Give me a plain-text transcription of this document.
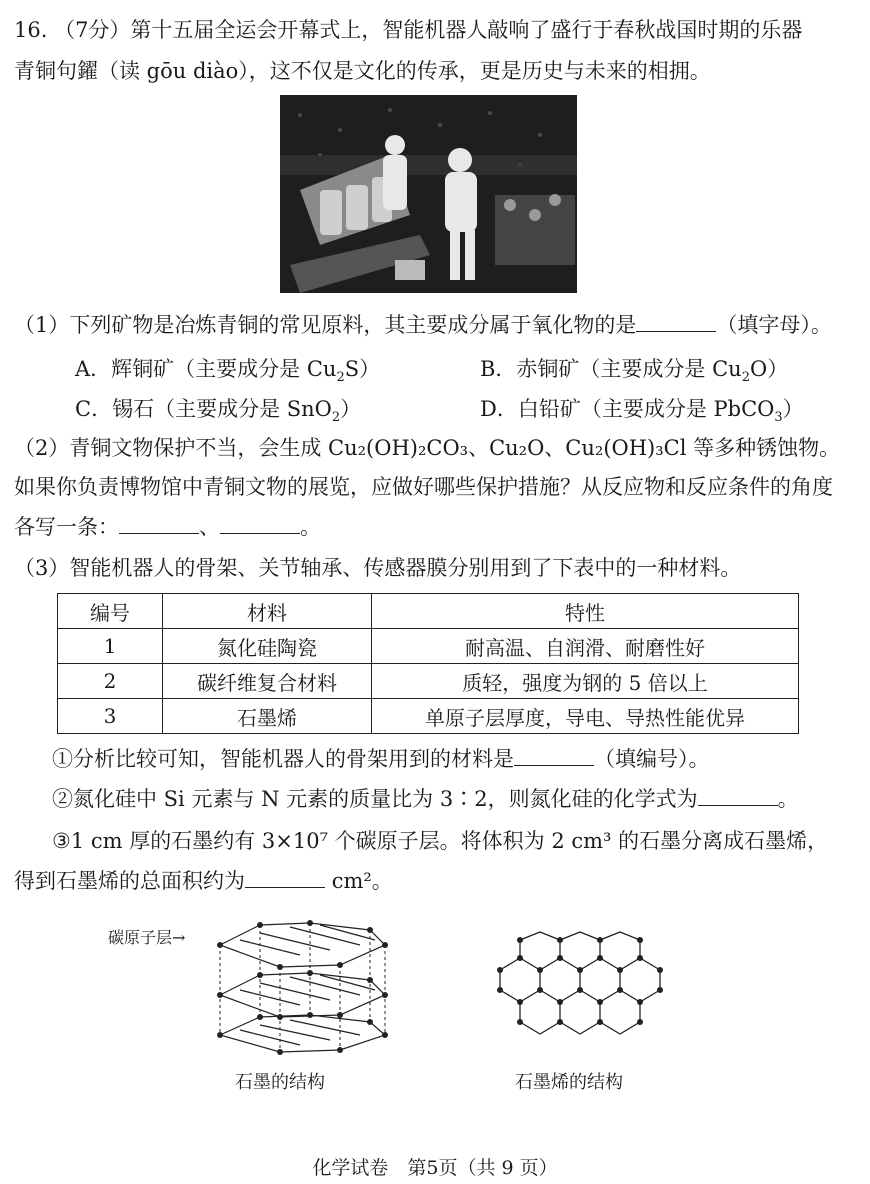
16. （7分）第十五届全运会开幕式上，智能机器人敲响了盛行于春秋战国时期的乐器
青铜句鑃（读 gōu diào），这不仅是文化的传承，更是历史与未来的相拥。
（1）下列矿物是冶炼青铜的常见原料，其主要成分属于氧化物的是	（填字母）。
A．辉铜矿（主要成分是 $Cu_2S$）	B．赤铜矿（主要成分是 $Cu_2O$）
C．锡石（主要成分是 SnO$_2$）	D．白铅矿（主要成分是 PbCO$_3$）
（2）青铜文物保护不当，会生成 Cu₂(OH)₂CO₃、Cu₂O、Cu₂(OH)₃Cl 等多种锈蚀物。
如果你负责博物馆中青铜文物的展览，应做好哪些保护措施？从反应物和反应条件的角度
各写一条：	、	。
（3）智能机器人的骨架、关节轴承、传感器膜分别用到了下表中的一种材料。
编号	材料	特性
1	氮化硅陶瓷	耐高温、自润滑、耐磨性好
2	碳纤维复合材料	质轻，强度为钢的 5 倍以上
3	石墨烯	单原子层厚度，导电、导热性能优异
①分析比较可知，智能机器人的骨架用到的材料是	（填编号）。
②氮化硅中 Si 元素与 N 元素的质量比为 3∶2，则氮化硅的化学式为	。
③1 cm 厚的石墨约有 3×10⁷ 个碳原子层。将体积为 2 cm³ 的石墨分离成石墨烯，
得到石墨烯的总面积约为	cm²。
碳原子层→
石墨的结构	石墨烯的结构
化学试卷　第5页（共 9 页）
